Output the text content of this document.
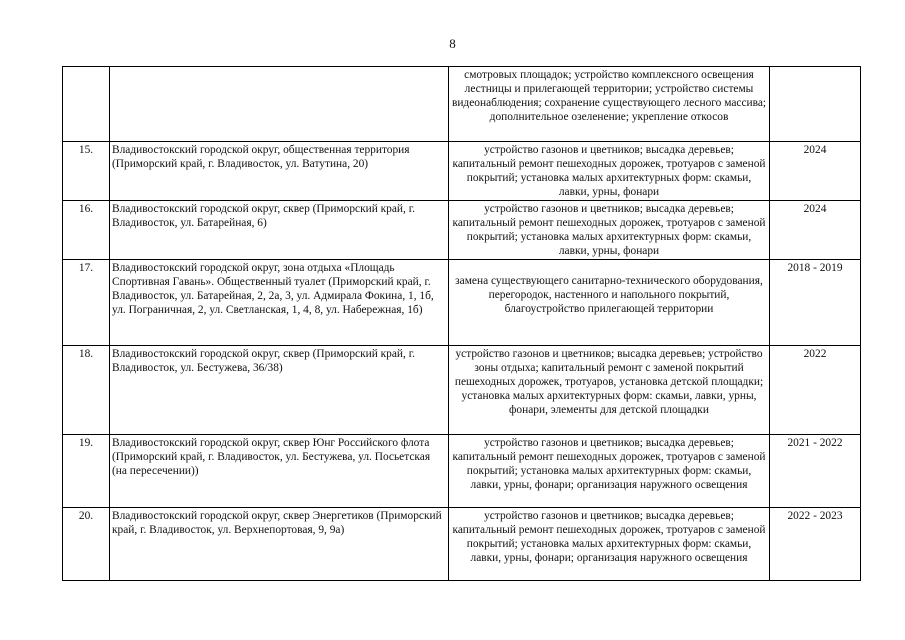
8
		смотровых площадок; устройство комплексного освещения лестницы и прилегающей территории; устройство системы видеонаблюдения; сохранение существующего лесного массива; дополнительное озеленение; укрепление откосов	
15.	Владивостокский городской округ, общественная территория (Приморский край, г. Владивосток, ул. Ватутина, 20)	устройство газонов и цветников; высадка деревьев; капитальный ремонт пешеходных дорожек, тротуаров с заменой покрытий; установка малых архитектурных форм: скамьи, лавки, урны, фонари	2024
16.	Владивостокский городской округ, сквер (Приморский край, г. Владивосток, ул. Батарейная, 6)	устройство газонов и цветников; высадка деревьев; капитальный ремонт пешеходных дорожек, тротуаров с заменой покрытий; установка малых архитектурных форм: скамьи, лавки, урны, фонари	2024
17.	Владивостокский городской округ, зона отдыха «Площадь Спортивная Гавань». Общественный туалет (Приморский край, г. Владивосток, ул. Батарейная, 2, 2а, 3, ул. Адмирала Фокина, 1, 1б, ул. Пограничная, 2, ул. Светланская, 1, 4, 8, ул. Набережная, 1б)	замена существующего санитарно-технического оборудования, перегородок, настенного и напольного покрытий, благоустройство прилегающей территории	2018 - 2019
18.	Владивостокский городской округ, сквер (Приморский край, г. Владивосток, ул. Бестужева, 36/38)	устройство газонов и цветников; высадка деревьев; устройство зоны отдыха; капитальный ремонт с заменой покрытий пешеходных дорожек, тротуаров, установка детской площадки; установка малых архитектурных форм: скамьи, лавки, урны, фонари, элементы для детской площадки	2022
19.	Владивостокский городской округ, сквер Юнг Российского флота (Приморский край, г. Владивосток, ул. Бестужева, ул. Посьетская (на пересечении))	устройство газонов и цветников; высадка деревьев; капитальный ремонт пешеходных дорожек, тротуаров с заменой покрытий; установка малых архитектурных форм: скамьи, лавки, урны, фонари; организация наружного освещения	2021 - 2022
20.	Владивостокский городской округ, сквер Энергетиков (Приморский край, г. Владивосток, ул. Верхнепортовая, 9, 9а)	устройство газонов и цветников; высадка деревьев; капитальный ремонт пешеходных дорожек, тротуаров с заменой покрытий; установка малых архитектурных форм: скамьи, лавки, урны, фонари; организация наружного освещения	2022 - 2023
